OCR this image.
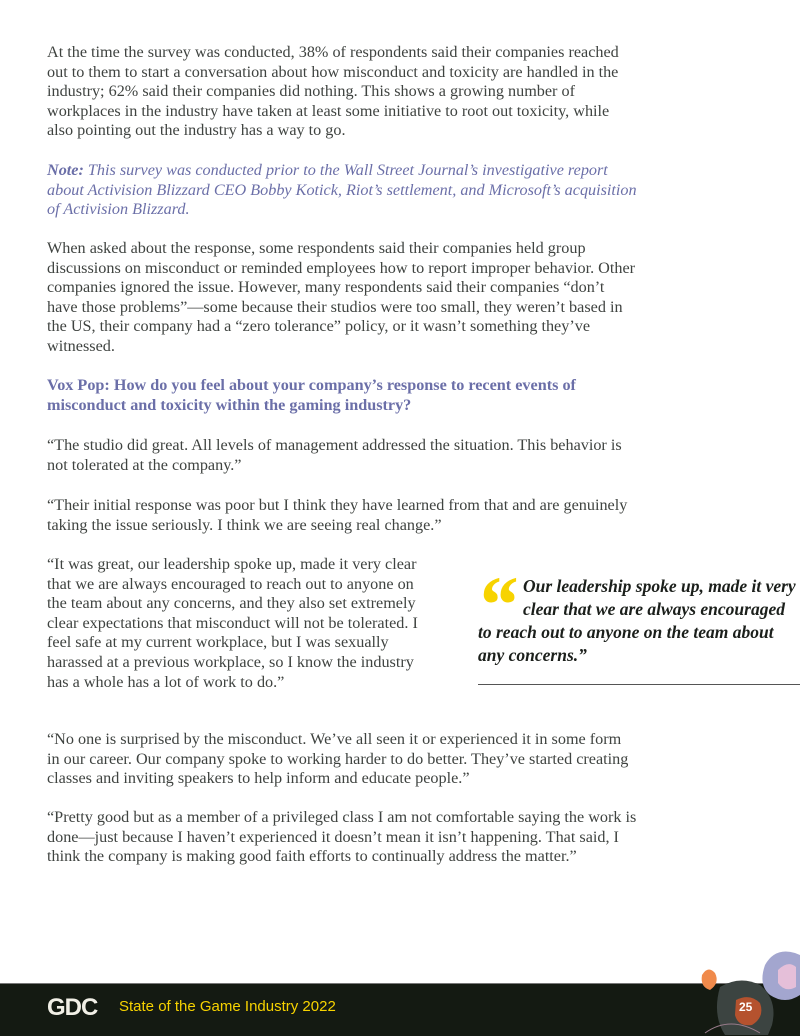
At the time the survey was conducted, 38% of respondents said their companies reached out to them to start a conversation about how misconduct and toxicity are handled in the industry; 62% said their companies did nothing. This shows a growing number of workplaces in the industry have taken at least some initiative to root out toxicity, while also pointing out the industry has a way to go.

Note: This survey was conducted prior to the Wall Street Journal’s investigative report about Activision Blizzard CEO Bobby Kotick, Riot’s settlement, and Microsoft’s acquisition of Activision Blizzard.

When asked about the response, some respondents said their companies held group discussions on misconduct or reminded employees how to report improper behavior. Other companies ignored the issue. However, many respondents said their companies “don’t have those problems”—some because their studios were too small, they weren’t based in the US, their company had a “zero tolerance” policy, or it wasn’t something they’ve witnessed.

Vox Pop: How do you feel about your company’s response to recent events of misconduct and toxicity within the gaming industry?

“The studio did great. All levels of management addressed the situation. This behavior is not tolerated at the company.”

“Their initial response was poor but I think they have learned from that and are genuinely taking the issue seriously. I think we are seeing real change.”

“It was great, our leadership spoke up, made it very clear that we are always encouraged to reach out to anyone on the team about any concerns, and they also set extremely clear expectations that misconduct will not be tolerated. I feel safe at my current workplace, but I was sexually harassed at a previous workplace, so I know the industry has a whole has a lot of work to do.”

“No one is surprised by the misconduct. We’ve all seen it or experienced it in some form in our career. Our company spoke to working harder to do better. They’ve started creating classes and inviting speakers to help inform and educate people.”

“Pretty good but as a member of a privileged class I am not comfortable saying the work is done—just because I haven’t experienced it doesn’t mean it isn’t happening. That said, I think the company is making good faith efforts to continually address the matter.”

“ Our leadership spoke up, made it very clear that we are always encouraged to reach out to anyone on the team about any concerns.”
GDC State of the Game Industry 2022	25
